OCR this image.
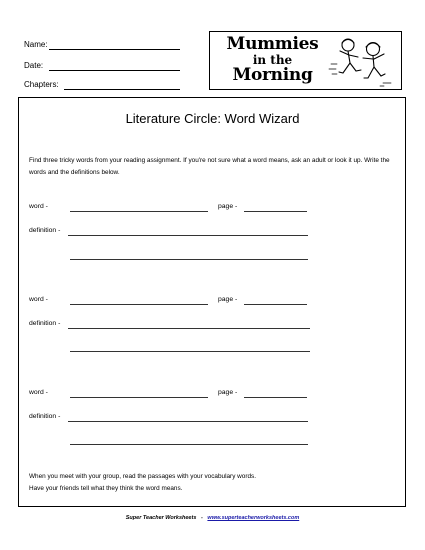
Name:
Date:
Chapters:
Mummies
in the
Morning
Literature Circle: Word Wizard
Find three tricky words from your reading assignment. If you're not sure what a word means, ask an adult or look it up. Write the words and the definitions below.
word -	page -
definition -
word -	page -
definition -
word -	page -
definition -
When you meet with your group, read the passages with your vocabulary words.
Have your friends tell what they think the word means.
Super Teacher Worksheets - www.superteacherworksheets.com
